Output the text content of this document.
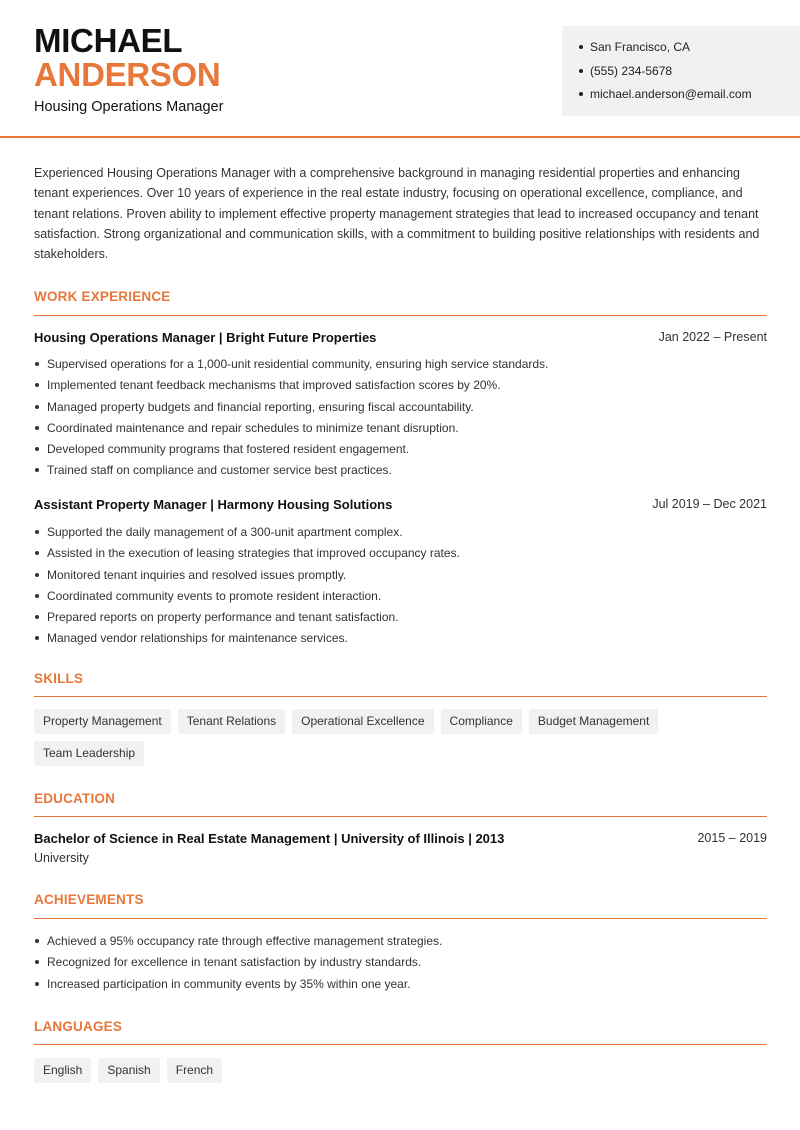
MICHAEL
ANDERSON
Housing Operations Manager
San Francisco, CA
(555) 234-5678
michael.anderson@email.com

Experienced Housing Operations Manager with a comprehensive background in managing residential properties and enhancing tenant experiences. Over 10 years of experience in the real estate industry, focusing on operational excellence, compliance, and tenant relations. Proven ability to implement effective property management strategies that lead to increased occupancy and tenant satisfaction. Strong organizational and communication skills, with a commitment to building positive relationships with residents and stakeholders.

WORK EXPERIENCE
Housing Operations Manager | Bright Future Properties	Jan 2022 – Present
Supervised operations for a 1,000-unit residential community, ensuring high service standards.
Implemented tenant feedback mechanisms that improved satisfaction scores by 20%.
Managed property budgets and financial reporting, ensuring fiscal accountability.
Coordinated maintenance and repair schedules to minimize tenant disruption.
Developed community programs that fostered resident engagement.
Trained staff on compliance and customer service best practices.
Assistant Property Manager | Harmony Housing Solutions	Jul 2019 – Dec 2021
Supported the daily management of a 300-unit apartment complex.
Assisted in the execution of leasing strategies that improved occupancy rates.
Monitored tenant inquiries and resolved issues promptly.
Coordinated community events to promote resident interaction.
Prepared reports on property performance and tenant satisfaction.
Managed vendor relationships for maintenance services.
SKILLS
Property Management	Tenant Relations	Operational Excellence	Compliance	Budget Management
Team Leadership
EDUCATION
Bachelor of Science in Real Estate Management | University of Illinois | 2013	2015 – 2019
University
ACHIEVEMENTS
Achieved a 95% occupancy rate through effective management strategies.
Recognized for excellence in tenant satisfaction by industry standards.
Increased participation in community events by 35% within one year.
LANGUAGES
English	Spanish	French
